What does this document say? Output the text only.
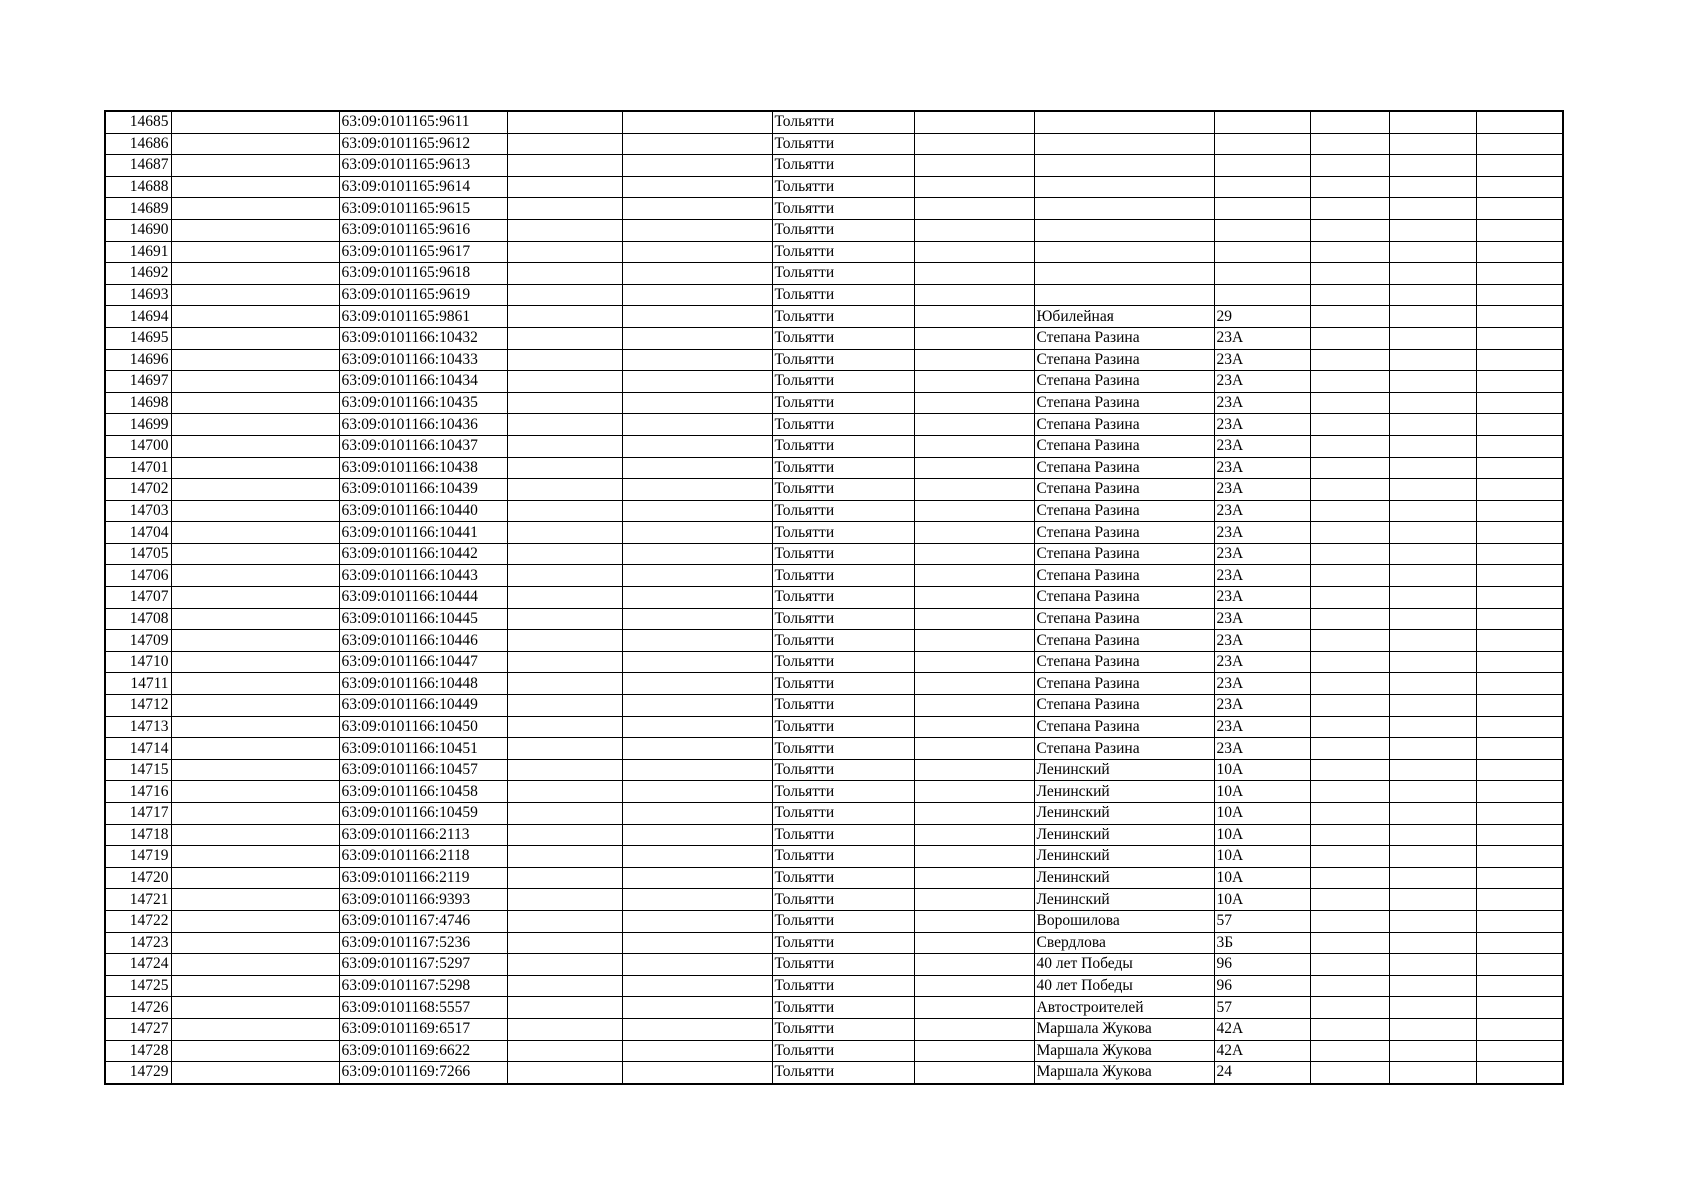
14685		63:09:0101165:9611			Тольятти						
14686		63:09:0101165:9612			Тольятти						
14687		63:09:0101165:9613			Тольятти						
14688		63:09:0101165:9614			Тольятти						
14689		63:09:0101165:9615			Тольятти						
14690		63:09:0101165:9616			Тольятти						
14691		63:09:0101165:9617			Тольятти						
14692		63:09:0101165:9618			Тольятти						
14693		63:09:0101165:9619			Тольятти						
14694		63:09:0101165:9861			Тольятти		Юбилейная	29			
14695		63:09:0101166:10432			Тольятти		Степана Разина	23А			
14696		63:09:0101166:10433			Тольятти		Степана Разина	23А			
14697		63:09:0101166:10434			Тольятти		Степана Разина	23А			
14698		63:09:0101166:10435			Тольятти		Степана Разина	23А			
14699		63:09:0101166:10436			Тольятти		Степана Разина	23А			
14700		63:09:0101166:10437			Тольятти		Степана Разина	23А			
14701		63:09:0101166:10438			Тольятти		Степана Разина	23А			
14702		63:09:0101166:10439			Тольятти		Степана Разина	23А			
14703		63:09:0101166:10440			Тольятти		Степана Разина	23А			
14704		63:09:0101166:10441			Тольятти		Степана Разина	23А			
14705		63:09:0101166:10442			Тольятти		Степана Разина	23А			
14706		63:09:0101166:10443			Тольятти		Степана Разина	23А			
14707		63:09:0101166:10444			Тольятти		Степана Разина	23А			
14708		63:09:0101166:10445			Тольятти		Степана Разина	23А			
14709		63:09:0101166:10446			Тольятти		Степана Разина	23А			
14710		63:09:0101166:10447			Тольятти		Степана Разина	23А			
14711		63:09:0101166:10448			Тольятти		Степана Разина	23А			
14712		63:09:0101166:10449			Тольятти		Степана Разина	23А			
14713		63:09:0101166:10450			Тольятти		Степана Разина	23А			
14714		63:09:0101166:10451			Тольятти		Степана Разина	23А			
14715		63:09:0101166:10457			Тольятти		Ленинский	10А			
14716		63:09:0101166:10458			Тольятти		Ленинский	10А			
14717		63:09:0101166:10459			Тольятти		Ленинский	10А			
14718		63:09:0101166:2113			Тольятти		Ленинский	10А			
14719		63:09:0101166:2118			Тольятти		Ленинский	10А			
14720		63:09:0101166:2119			Тольятти		Ленинский	10А			
14721		63:09:0101166:9393			Тольятти		Ленинский	10А			
14722		63:09:0101167:4746			Тольятти		Ворошилова	57			
14723		63:09:0101167:5236			Тольятти		Свердлова	3Б			
14724		63:09:0101167:5297			Тольятти		40 лет Победы	96			
14725		63:09:0101167:5298			Тольятти		40 лет Победы	96			
14726		63:09:0101168:5557			Тольятти		Автостроителей	57			
14727		63:09:0101169:6517			Тольятти		Маршала Жукова	42А			
14728		63:09:0101169:6622			Тольятти		Маршала Жукова	42А			
14729		63:09:0101169:7266			Тольятти		Маршала Жукова	24			
